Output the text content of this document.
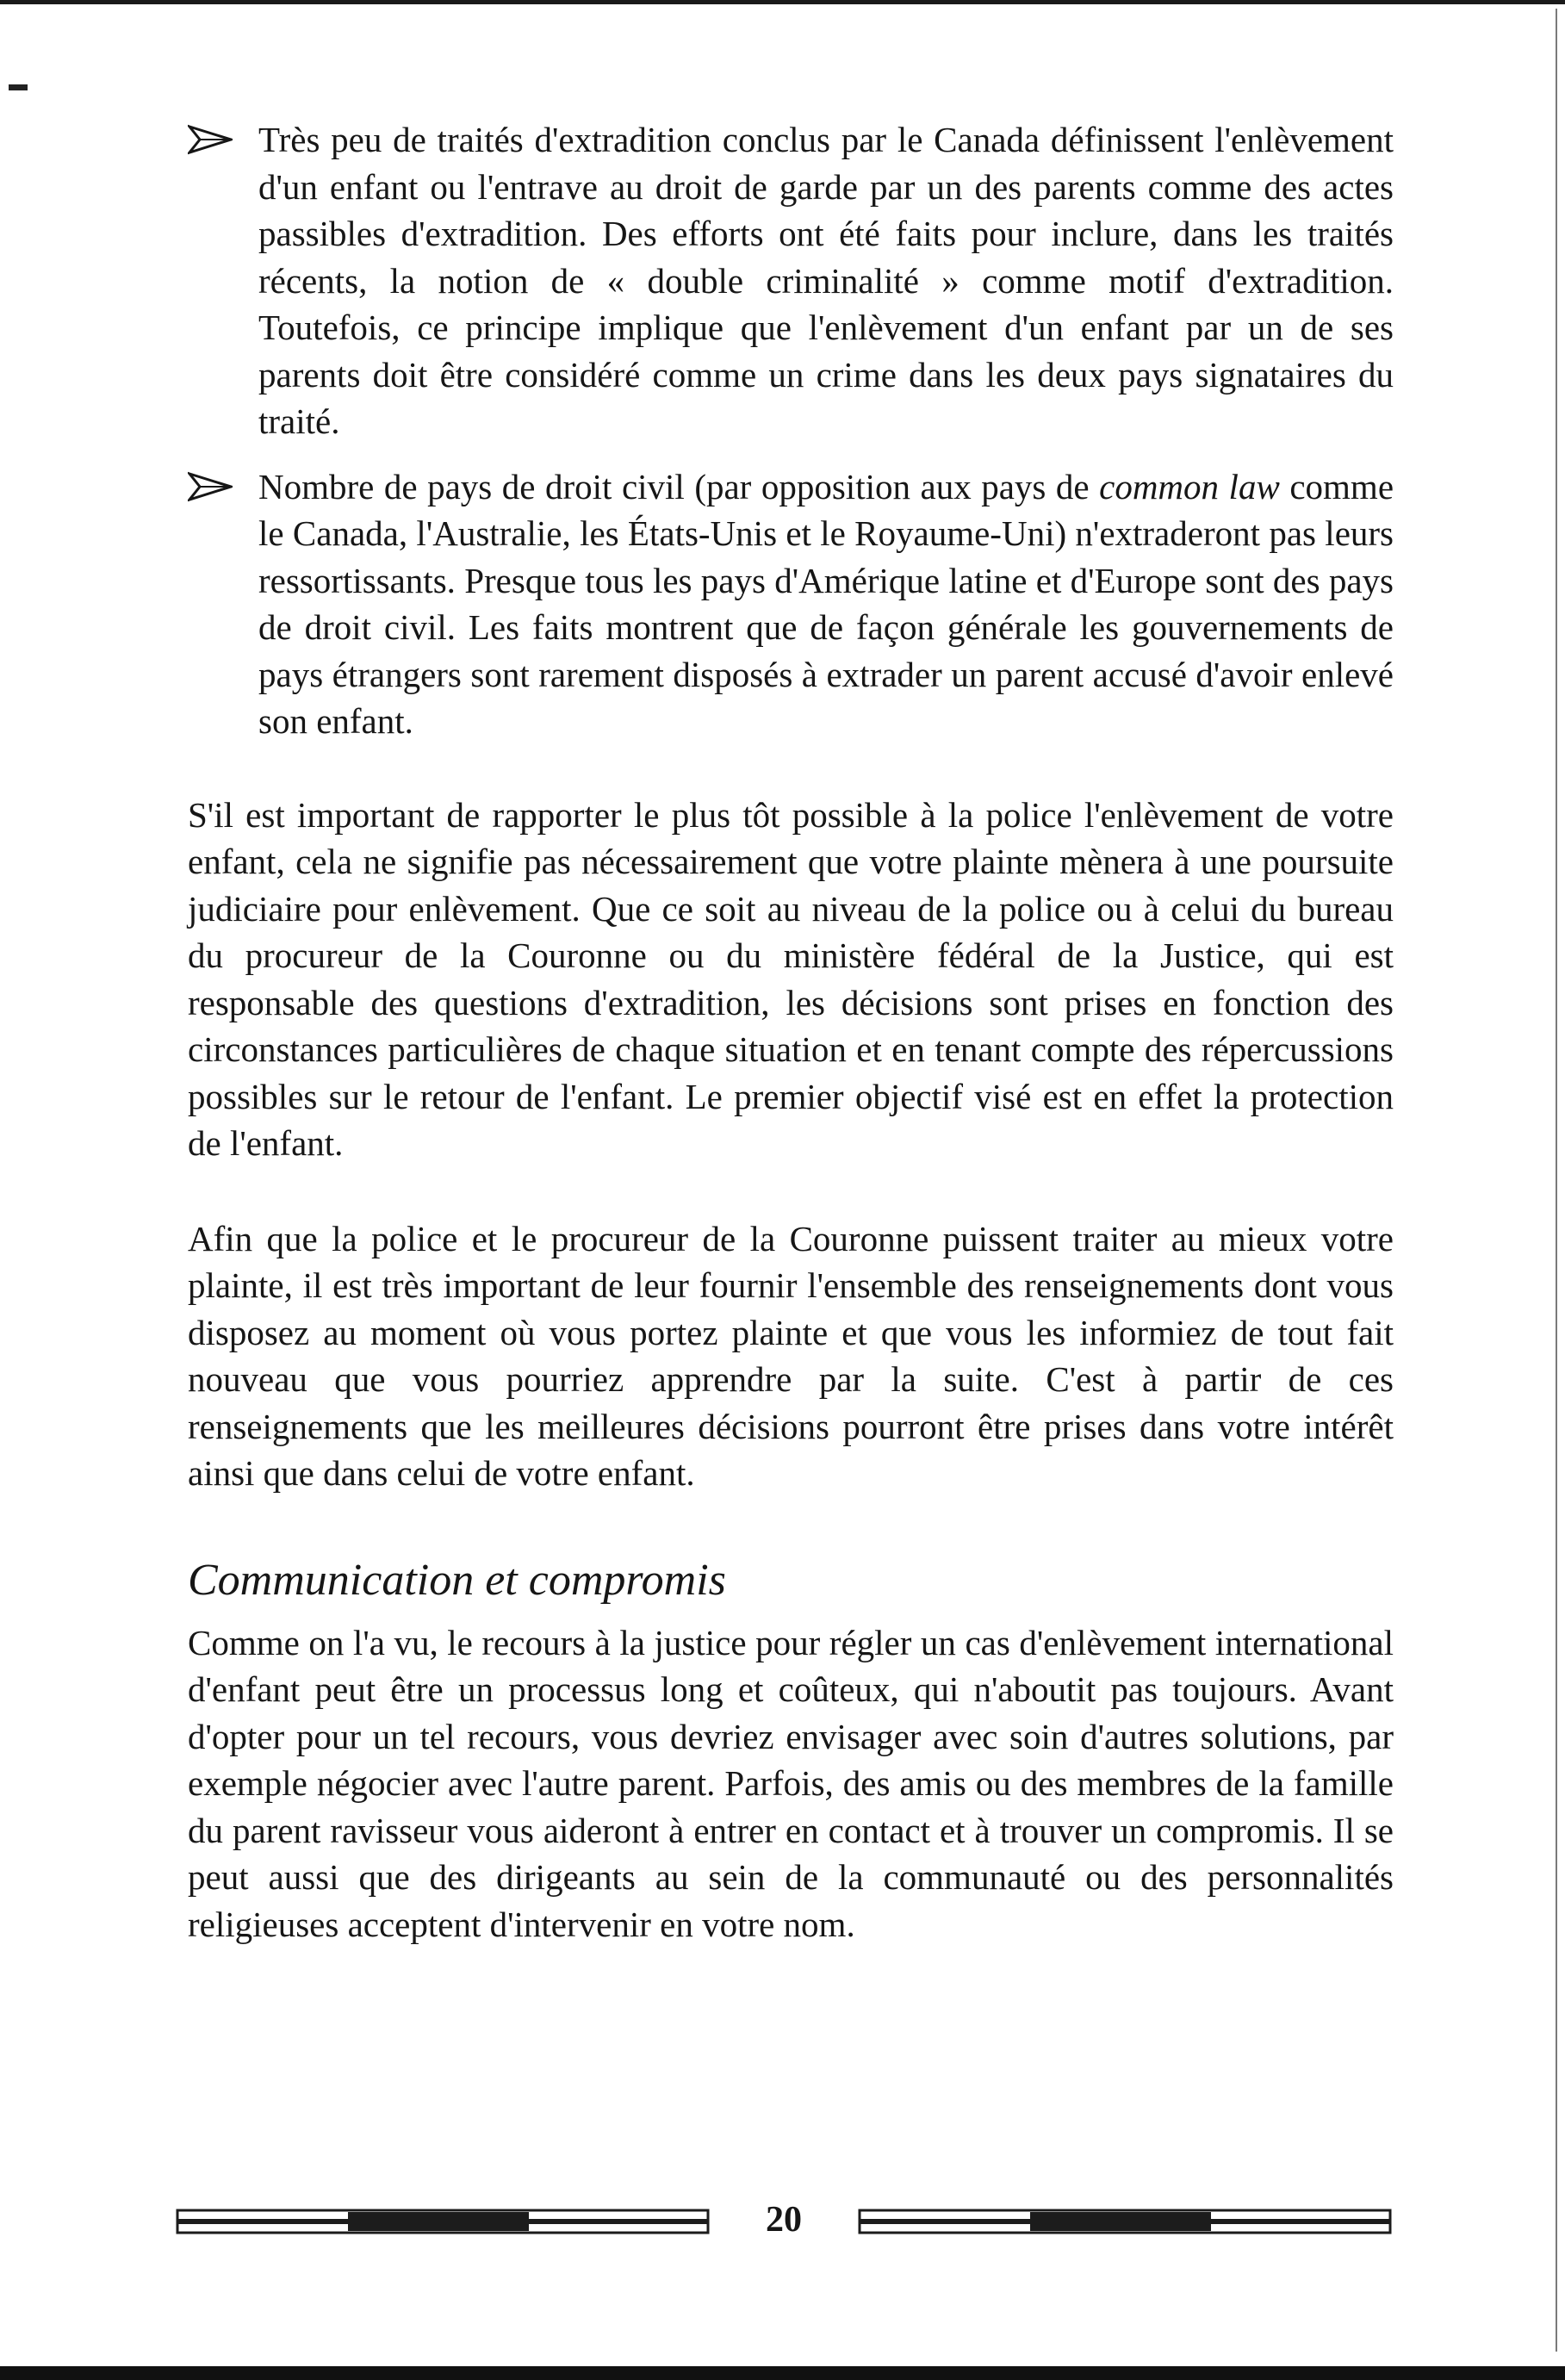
Très peu de traités d'extradition conclus par le Canada définissent l'enlèvement d'un enfant ou l'entrave au droit de garde par un des parents comme des actes passibles d'extradition. Des efforts ont été faits pour inclure, dans les traités récents, la notion de « double criminalité » comme motif d'extradition. Toutefois, ce principe implique que l'enlèvement d'un enfant par un de ses parents doit être considéré comme un crime dans les deux pays signataires du traité.
Nombre de pays de droit civil (par opposition aux pays de common law comme le Canada, l'Australie, les États-Unis et le Royaume-Uni) n'extraderont pas leurs ressortissants. Presque tous les pays d'Amérique latine et d'Europe sont des pays de droit civil. Les faits montrent que de façon générale les gouvernements de pays étrangers sont rarement disposés à extrader un parent accusé d'avoir enlevé son enfant.

S'il est important de rapporter le plus tôt possible à la police l'enlèvement de votre enfant, cela ne signifie pas nécessairement que votre plainte mènera à une poursuite judiciaire pour enlèvement. Que ce soit au niveau de la police ou à celui du bureau du procureur de la Couronne ou du ministère fédéral de la Justice, qui est responsable des questions d'extradition, les décisions sont prises en fonction des circonstances particulières de chaque situation et en tenant compte des répercussions possibles sur le retour de l'enfant. Le premier objectif visé est en effet la protection de l'enfant.

Afin que la police et le procureur de la Couronne puissent traiter au mieux votre plainte, il est très important de leur fournir l'ensemble des renseignements dont vous disposez au moment où vous portez plainte et que vous les informiez de tout fait nouveau que vous pourriez apprendre par la suite. C'est à partir de ces renseignements que les meilleures décisions pourront être prises dans votre intérêt ainsi que dans celui de votre enfant.

Communication et compromis

Comme on l'a vu, le recours à la justice pour régler un cas d'enlèvement international d'enfant peut être un processus long et coûteux, qui n'aboutit pas toujours. Avant d'opter pour un tel recours, vous devriez envisager avec soin d'autres solutions, par exemple négocier avec l'autre parent. Parfois, des amis ou des membres de la famille du parent ravisseur vous aideront à entrer en contact et à trouver un compromis. Il se peut aussi que des dirigeants au sein de la communauté ou des personnalités religieuses acceptent d'intervenir en votre nom.

20
